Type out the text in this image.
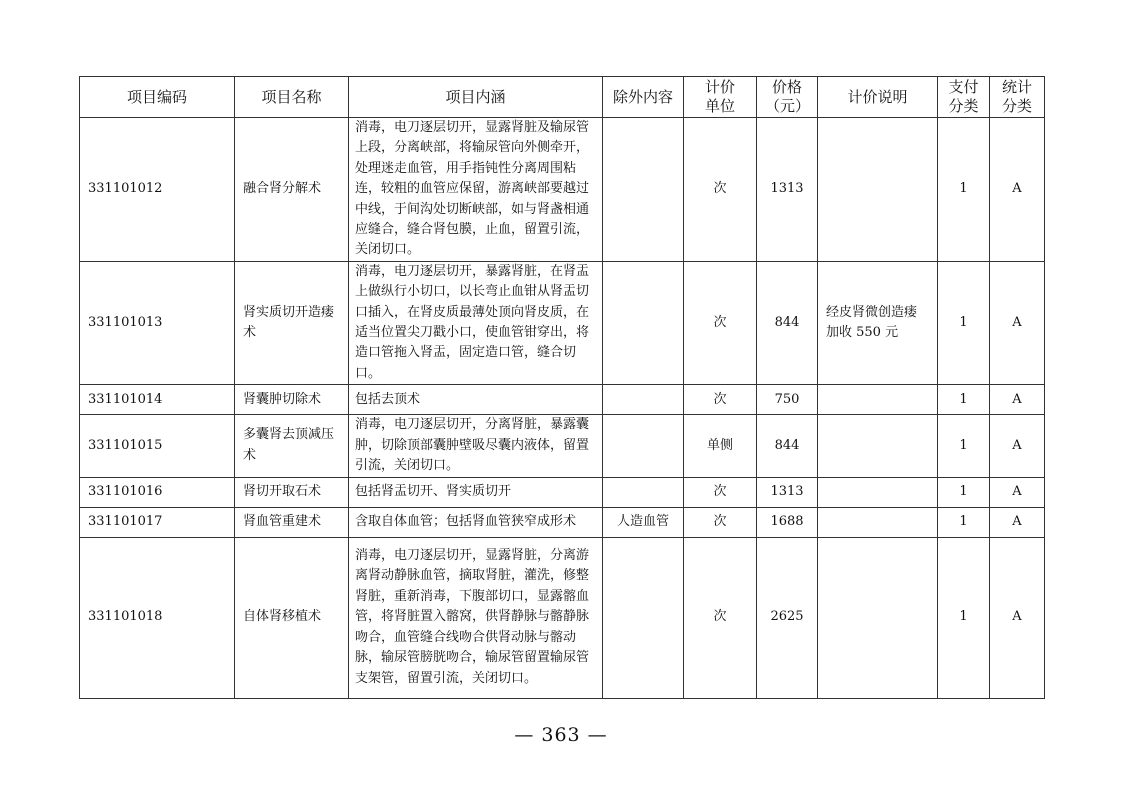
项目编码	项目名称	项目内涵	除外内容	计价单位	价格（元）	计价说明	支付分类	统计分类
331101012	融合肾分解术	消毒，电刀逐层切开，显露肾脏及输尿管上段，分离峡部，将输尿管向外侧牵开，处理迷走血管，用手指钝性分离周围粘连，较粗的血管应保留，游离峡部要越过中线，于间沟处切断峡部，如与肾盏相通应缝合，缝合肾包膜，止血，留置引流，关闭切口。		次	1313		1	A
331101013	肾实质切开造瘘术	消毒，电刀逐层切开，暴露肾脏，在肾盂上做纵行小切口，以长弯止血钳从肾盂切口插入，在肾皮质最薄处顶向肾皮质，在适当位置尖刀戳小口，使血管钳穿出，将造口管拖入肾盂，固定造口管，缝合切口。		次	844	经皮肾微创造瘘加收 550 元	1	A
331101014	肾囊肿切除术	包括去顶术		次	750		1	A
331101015	多囊肾去顶减压术	消毒，电刀逐层切开，分离肾脏，暴露囊肿，切除顶部囊肿壁吸尽囊内液体，留置引流，关闭切口。		单侧	844		1	A
331101016	肾切开取石术	包括肾盂切开、肾实质切开		次	1313		1	A
331101017	肾血管重建术	含取自体血管；包括肾血管狭窄成形术	人造血管	次	1688		1	A
331101018	自体肾移植术	消毒，电刀逐层切开，显露肾脏，分离游离肾动静脉血管，摘取肾脏，灌洗，修整肾脏，重新消毒，下腹部切口，显露髂血管，将肾脏置入髂窝，供肾静脉与髂静脉吻合，血管缝合线吻合供肾动脉与髂动脉，输尿管膀胱吻合，输尿管留置输尿管支架管，留置引流，关闭切口。		次	2625		1	A
— 363 —
